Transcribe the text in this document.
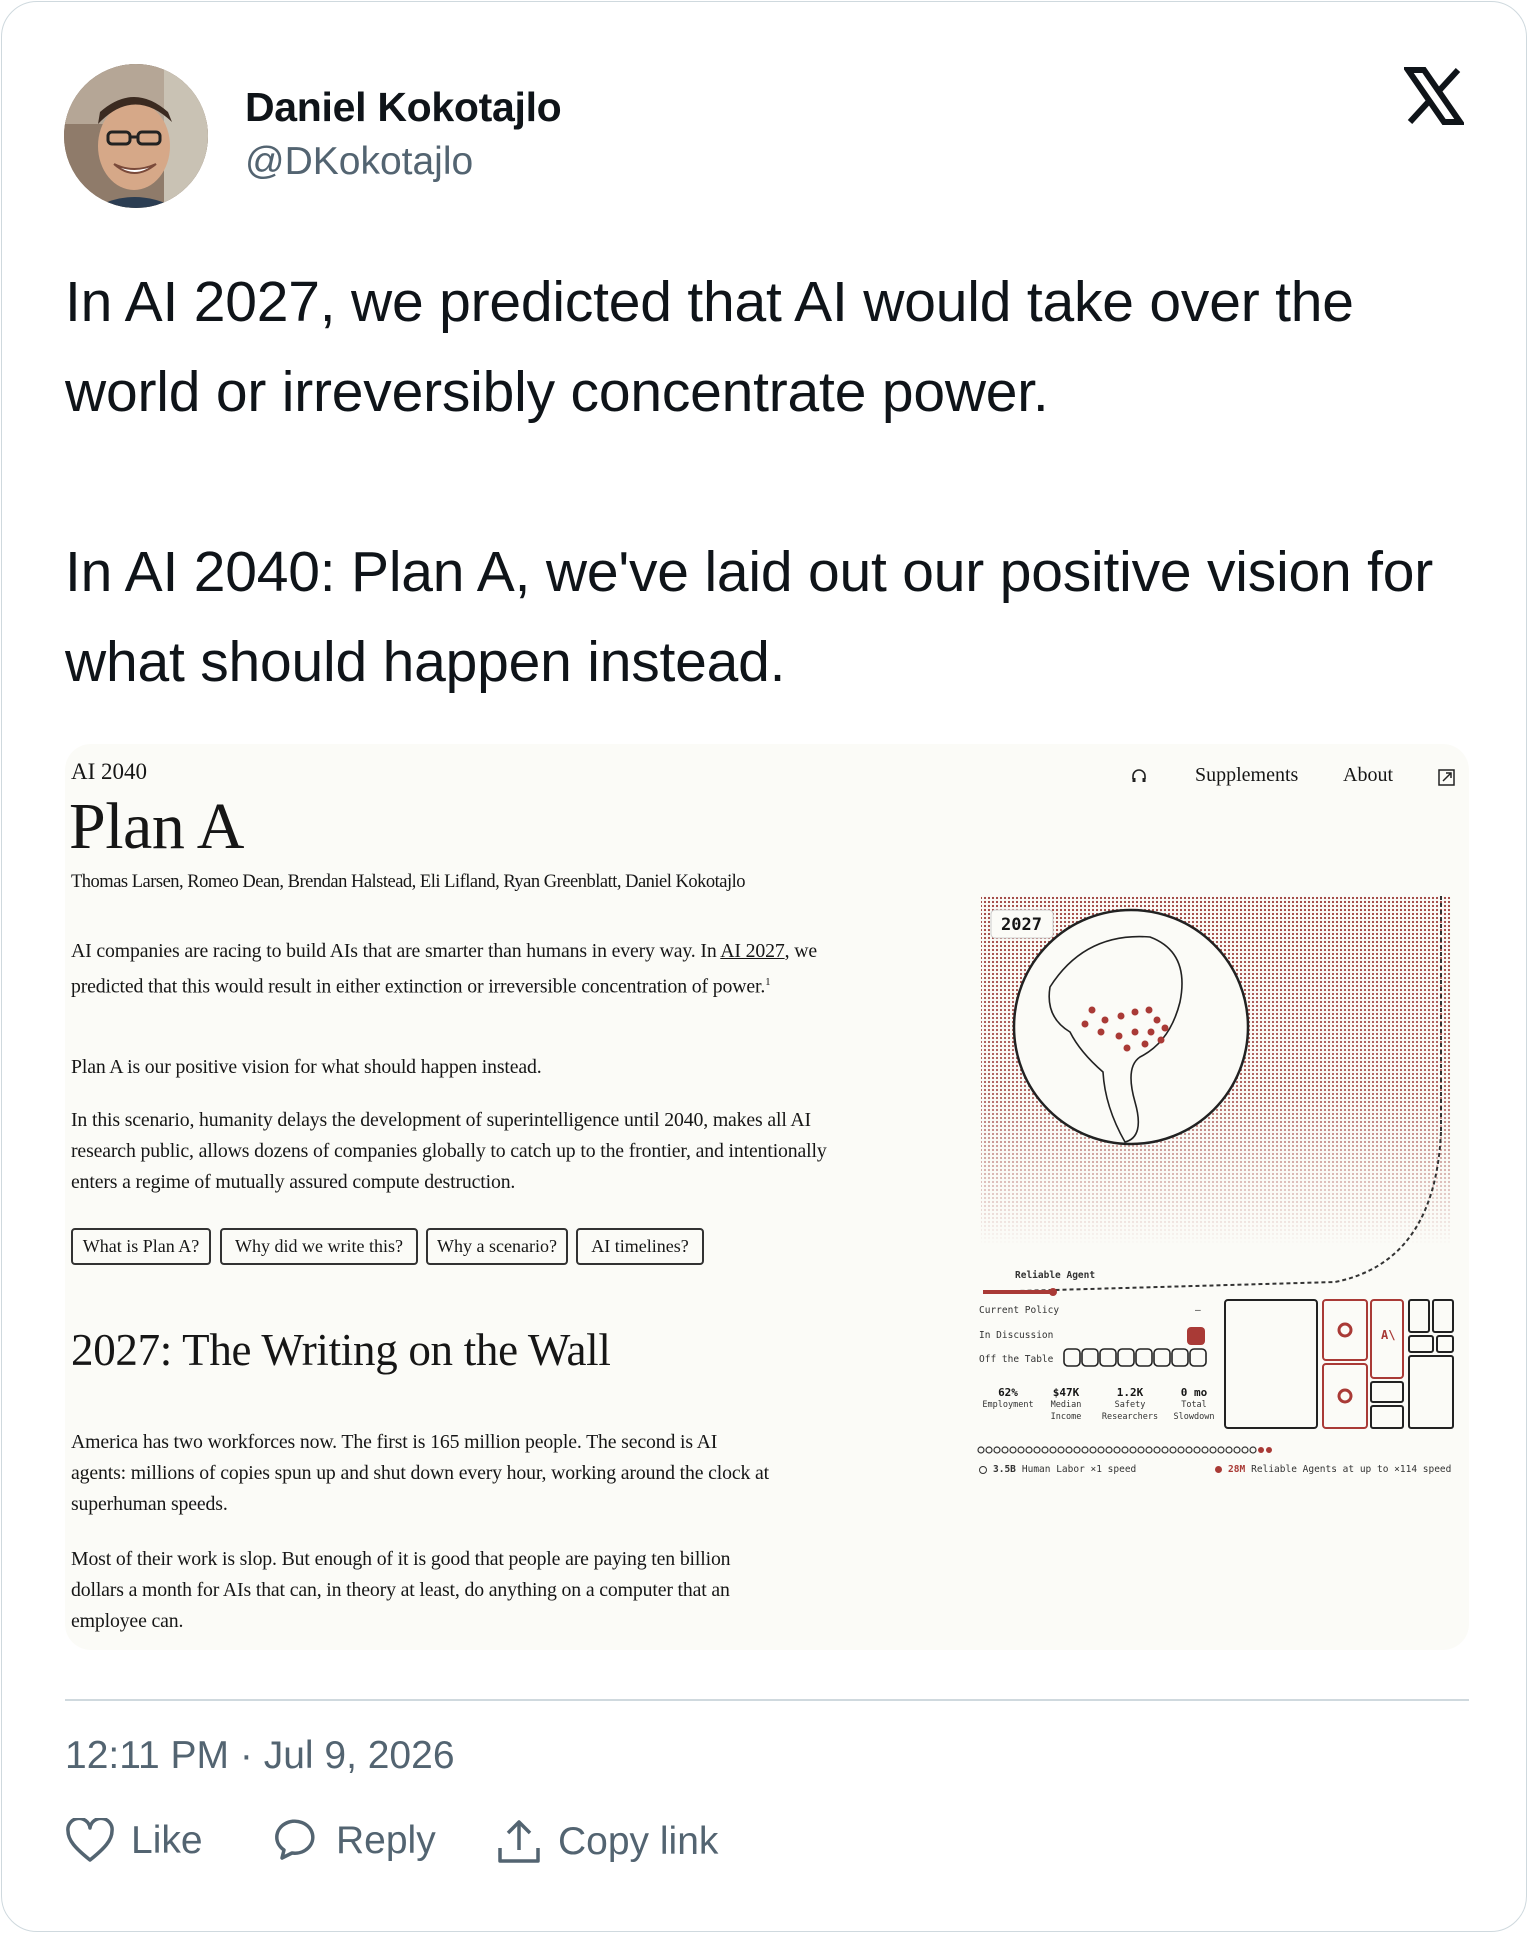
Daniel Kokotajlo
@DKokotajlo
In AI 2027, we predicted that AI would take over the world or irreversibly concentrate power.

In AI 2040: Plan A, we've laid out our positive vision for what should happen instead.
AI 2040
Plan A
Thomas Larsen, Romeo Dean, Brendan Halstead, Eli Lifland, Ryan Greenblatt, Daniel Kokotajlo
AI companies are racing to build AIs that are smarter than humans in every way. In AI 2027, we predicted that this would result in either extinction or irreversible concentration of power.$^1$
Plan A is our positive vision for what should happen instead.
In this scenario, humanity delays the development of superintelligence until 2040, makes all AI research public, allows dozens of companies globally to catch up to the frontier, and intentionally enters a regime of mutually assured compute destruction.
What is Plan A?	Why did we write this?	Why a scenario?	AI timelines?
2027: The Writing on the Wall
America has two workforces now. The first is 165 million people. The second is AI agents: millions of copies spun up and shut down every hour, working around the clock at superhuman speeds.
Most of their work is slop. But enough of it is good that people are paying ten billion dollars a month for AIs that can, in theory at least, do anything on a computer that an employee can.
Supplements About
2027
Reliable Agent
Current Policy	—
In Discussion
Off the Table
62%
Employment
$47K
Median
Income
1.2K
Safety
Researchers
0 mo
Total
Slowdown
A\
3.5B Human Labor ×1 speed	28M Reliable Agents at up to ×114 speed
12:11 PM · Jul 9, 2026
Like	Reply	Copy link
